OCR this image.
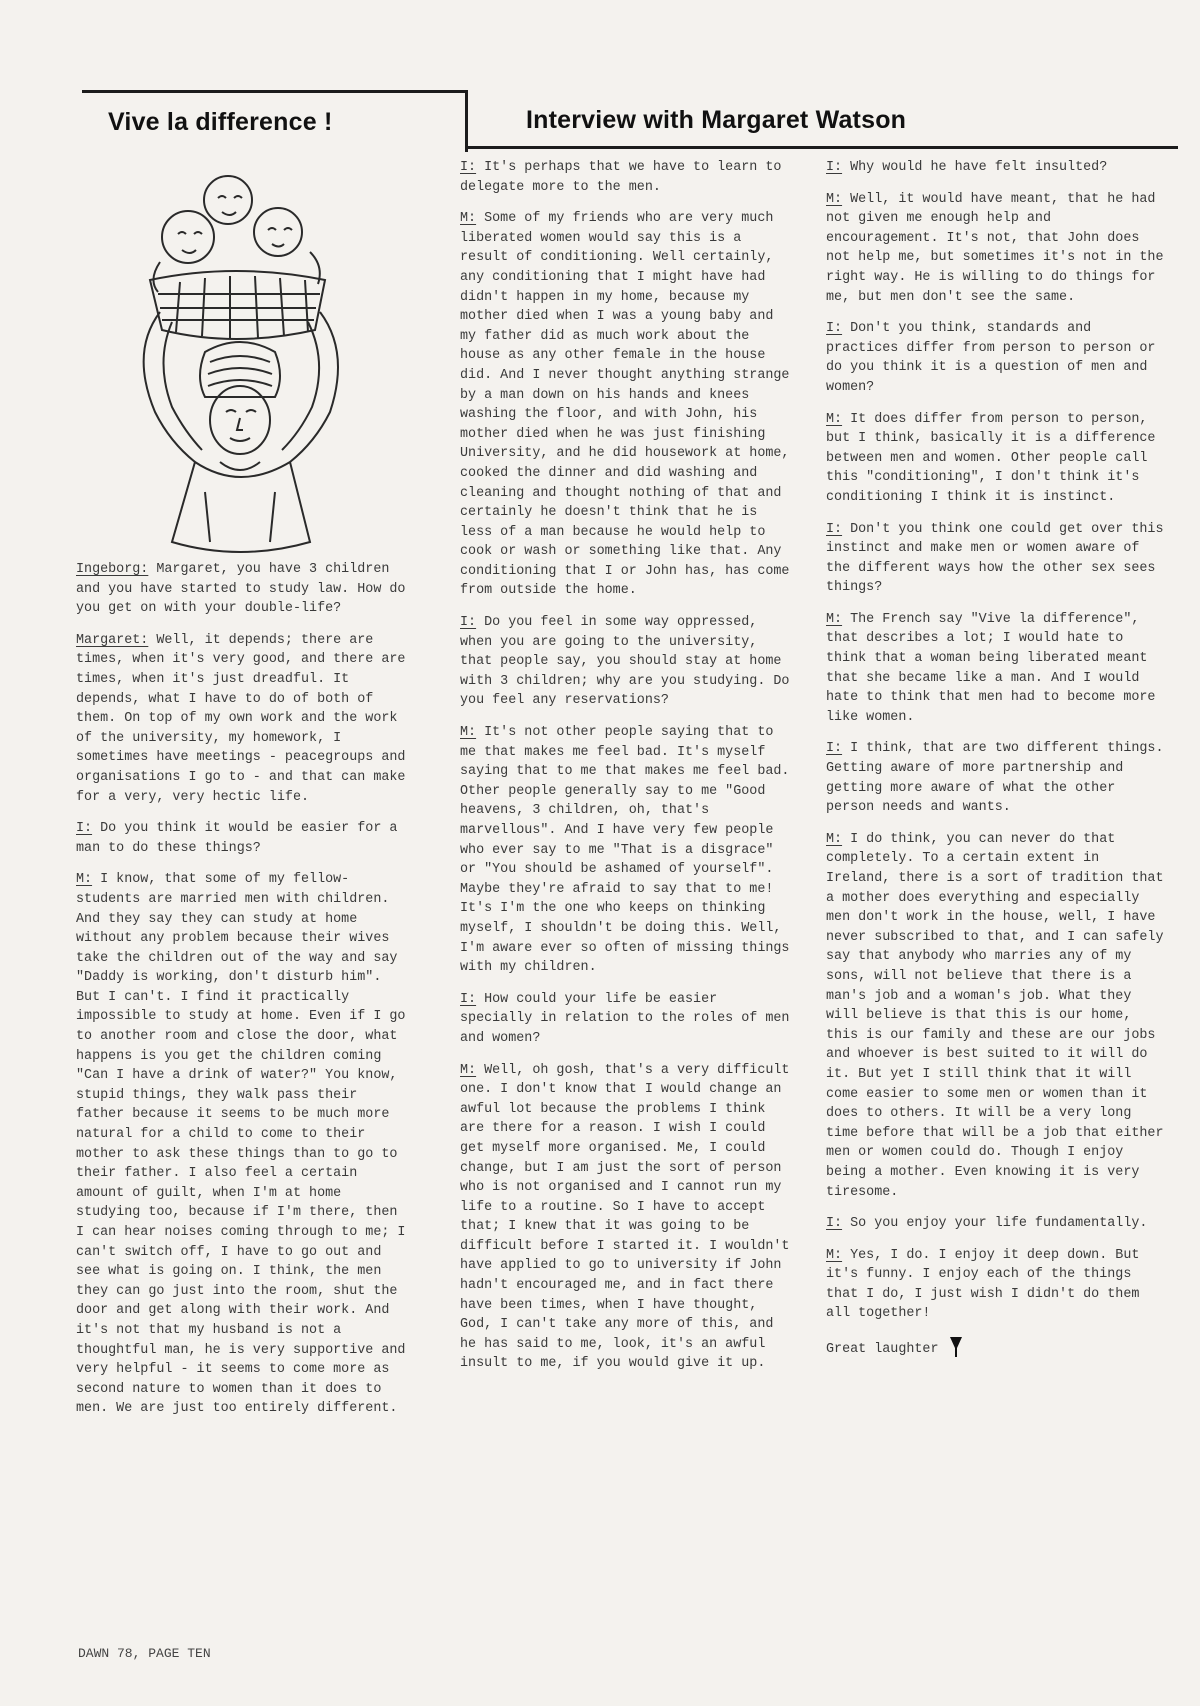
Vive la difference !	Interview with Margaret Watson

Ingeborg: Margaret, you have 3 children and you have started to study law. How do you get on with your double-life?

Margaret: Well, it depends; there are times, when it's very good, and there are times, when it's just dreadful. It depends, what I have to do of both of them. On top of my own work and the work of the university, my homework, I sometimes have meetings - peacegroups and organisations I go to - and that can make for a very, very hectic life.

I: Do you think it would be easier for a man to do these things?

M: I know, that some of my fellow-students are married men with children. And they say they can study at home without any problem because their wives take the children out of the way and say "Daddy is working, don't disturb him". But I can't. I find it practically impossible to study at home. Even if I go to another room and close the door, what happens is you get the children coming "Can I have a drink of water?" You know, stupid things, they walk pass their father because it seems to be much more natural for a child to come to their mother to ask these things than to go to their father. I also feel a certain amount of guilt, when I'm at home studying too, because if I'm there, then I can hear noises coming through to me; I can't switch off, I have to go out and see what is going on. I think, the men they can go just into the room, shut the door and get along with their work. And it's not that my husband is not a thoughtful man, he is very supportive and very helpful - it seems to come more as second nature to women than it does to men. We are just too entirely different.

I: It's perhaps that we have to learn to delegate more to the men.

M: Some of my friends who are very much liberated women would say this is a result of conditioning. Well certainly, any conditioning that I might have had didn't happen in my home, because my mother died when I was a young baby and my father did as much work about the house as any other female in the house did. And I never thought anything strange by a man down on his hands and knees washing the floor, and with John, his mother died when he was just finishing University, and he did housework at home, cooked the dinner and did washing and cleaning and thought nothing of that and certainly he doesn't think that he is less of a man because he would help to cook or wash or something like that. Any conditioning that I or John has, has come from outside the home.

I: Do you feel in some way oppressed, when you are going to the university, that people say, you should stay at home with 3 children; why are you studying. Do you feel any reservations?

M: It's not other people saying that to me that makes me feel bad. It's myself saying that to me that makes me feel bad. Other people generally say to me "Good heavens, 3 children, oh, that's marvellous". And I have very few people who ever say to me "That is a disgrace" or "You should be ashamed of yourself". Maybe they're afraid to say that to me! It's I'm the one who keeps on thinking myself, I shouldn't be doing this. Well, I'm aware ever so often of missing things with my children.

I: How could your life be easier specially in relation to the roles of men and women?

M: Well, oh gosh, that's a very difficult one. I don't know that I would change an awful lot because the problems I think are there for a reason. I wish I could get myself more organised. Me, I could change, but I am just the sort of person who is not organised and I cannot run my life to a routine. So I have to accept that; I knew that it was going to be difficult before I started it. I wouldn't have applied to go to university if John hadn't encouraged me, and in fact there have been times, when I have thought, God, I can't take any more of this, and he has said to me, look, it's an awful insult to me, if you would give it up.

I: Why would he have felt insulted?

M: Well, it would have meant, that he had not given me enough help and encouragement. It's not, that John does not help me, but sometimes it's not in the right way. He is willing to do things for me, but men don't see the same.

I: Don't you think, standards and practices differ from person to person or do you think it is a question of men and women?

M: It does differ from person to person, but I think, basically it is a difference between men and women. Other people call this "conditioning", I don't think it's conditioning I think it is instinct.

I: Don't you think one could get over this instinct and make men or women aware of the different ways how the other sex sees things?

M: The French say "Vive la difference", that describes a lot; I would hate to think that a woman being liberated meant that she became like a man. And I would hate to think that men had to become more like women.

I: I think, that are two different things. Getting aware of more partnership and getting more aware of what the other person needs and wants.

M: I do think, you can never do that completely. To a certain extent in Ireland, there is a sort of tradition that a mother does everything and especially men don't work in the house, well, I have never subscribed to that, and I can safely say that anybody who marries any of my sons, will not believe that there is a man's job and a woman's job. What they will believe is that this is our home, this is our family and these are our jobs and whoever is best suited to it will do it. But yet I still think that it will come easier to some men or women than it does to others. It will be a very long time before that will be a job that either men or women could do. Though I enjoy being a mother. Even knowing it is very tiresome.

I: So you enjoy your life fundamentally.

M: Yes, I do. I enjoy it deep down. But it's funny. I enjoy each of the things that I do, I just wish I didn't do them all together!

Great laughter

DAWN 78, PAGE TEN
